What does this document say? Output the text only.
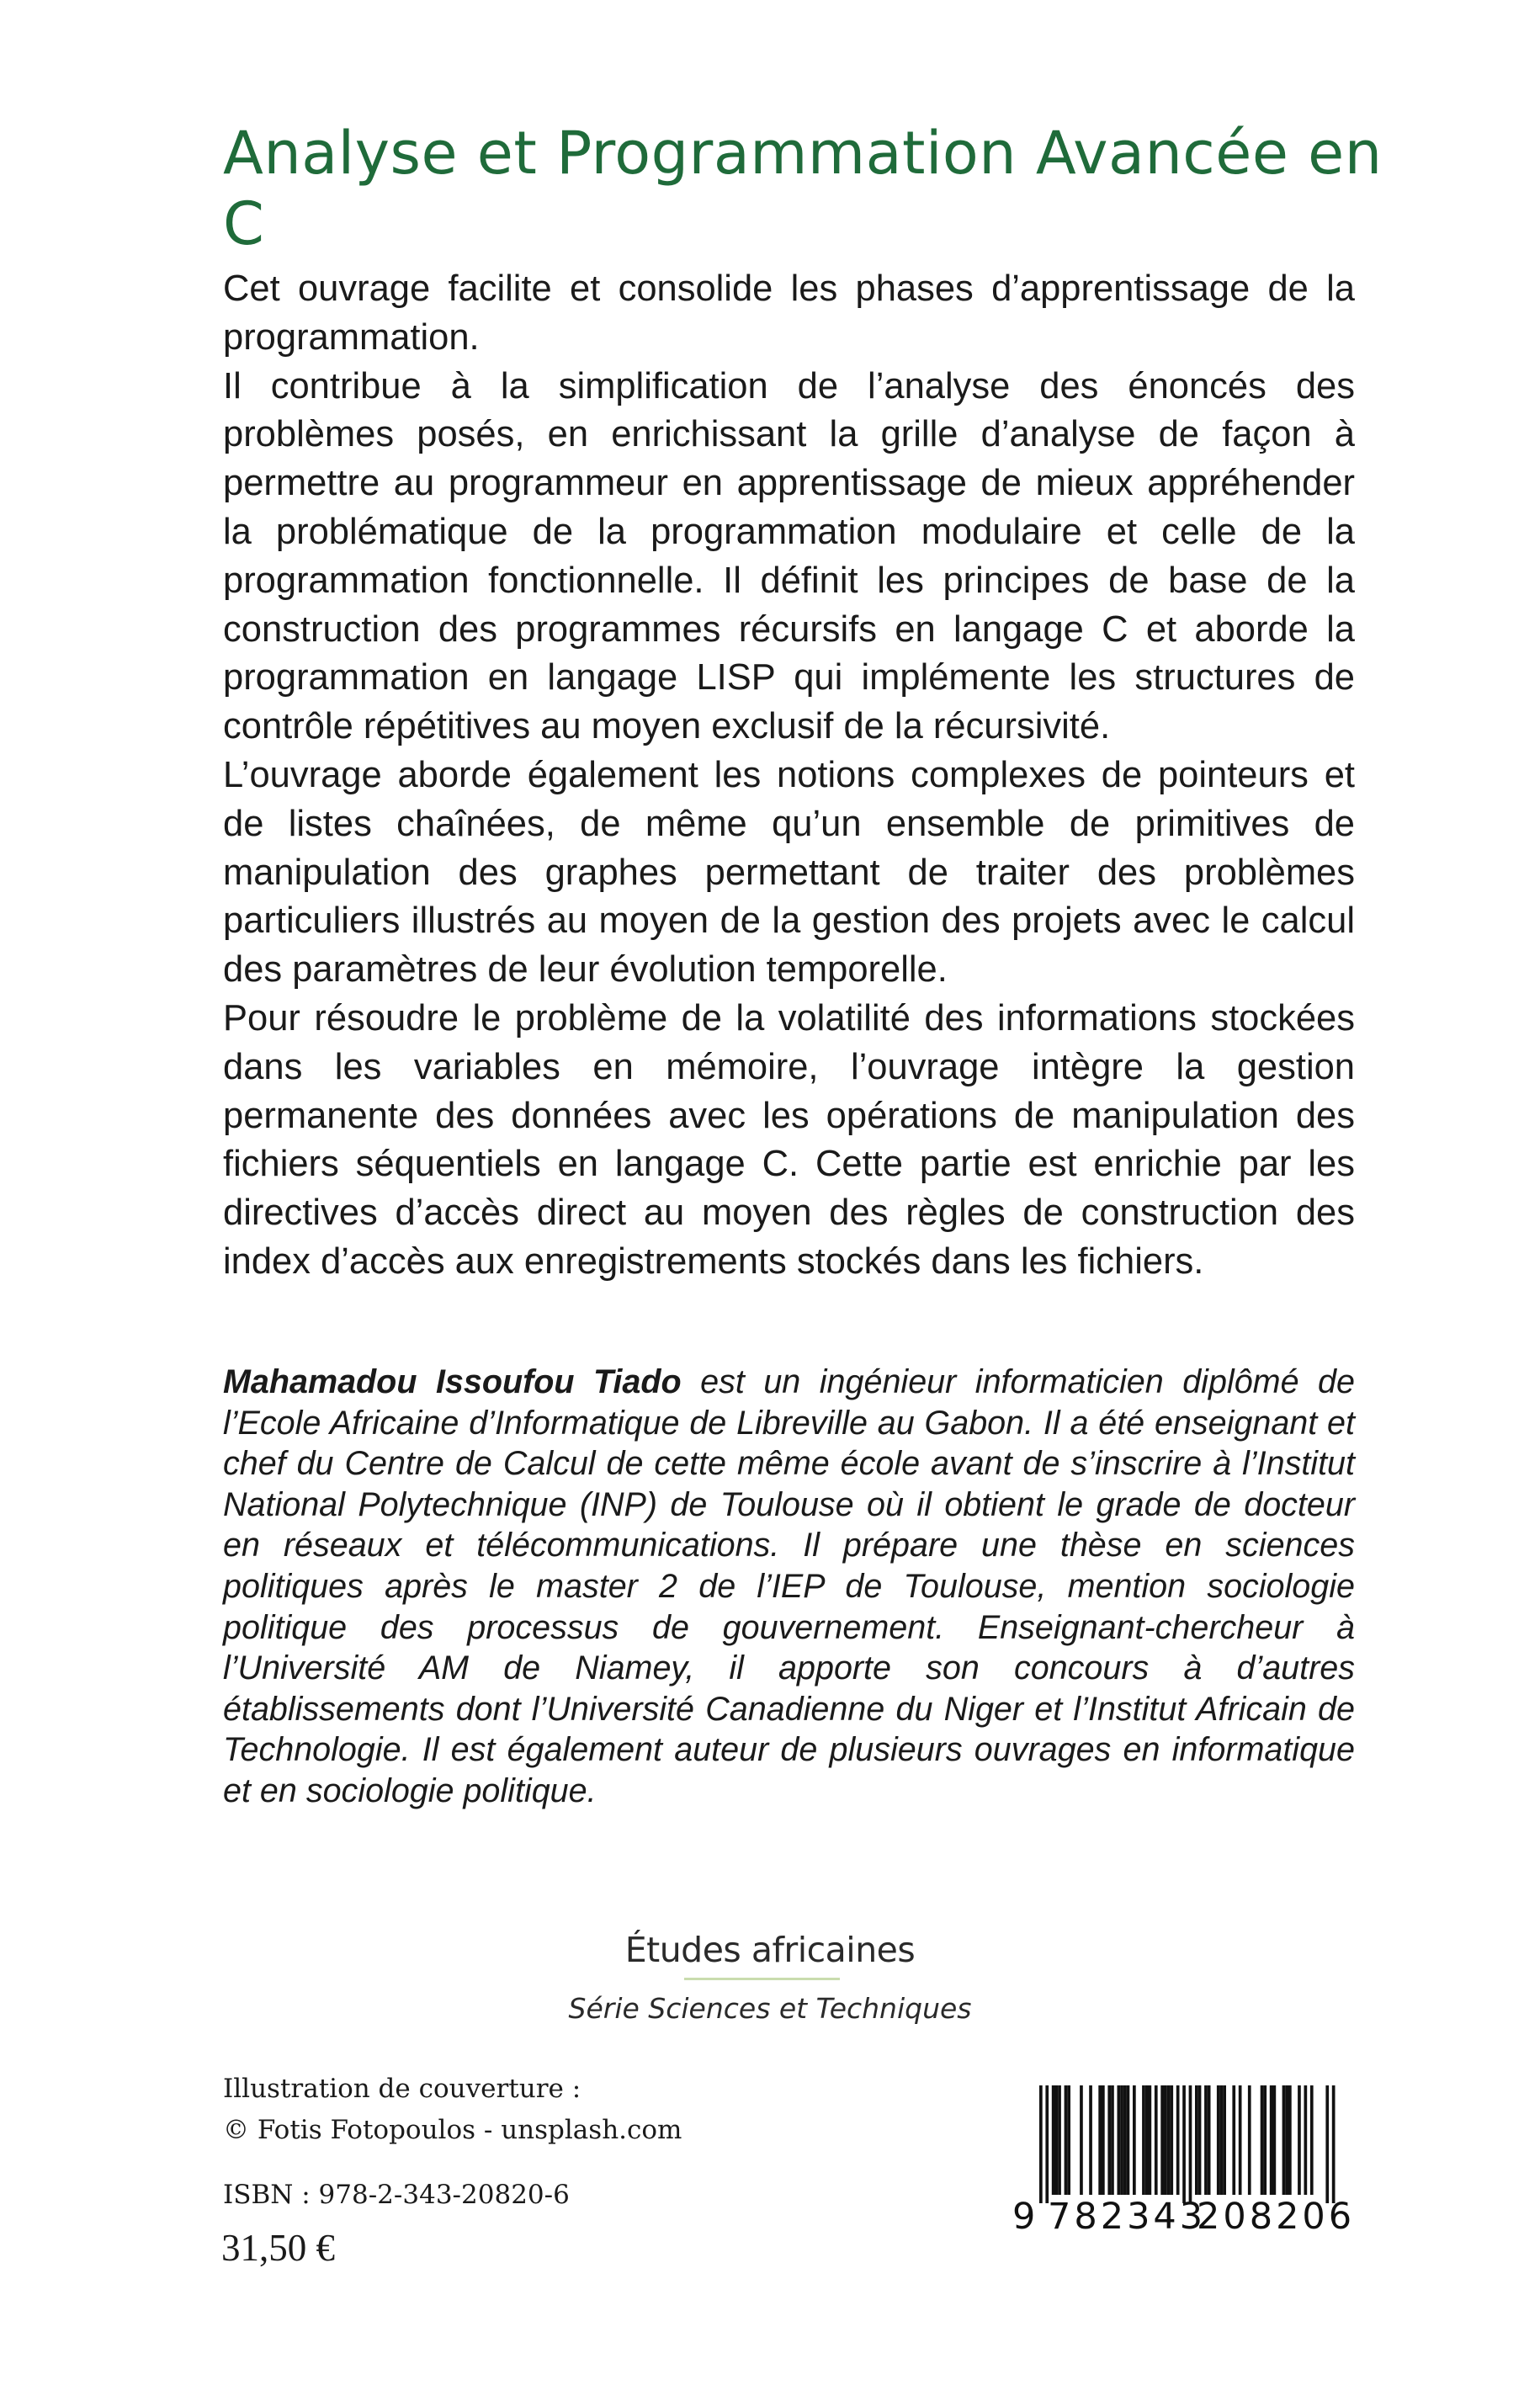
Analyse et Programmation Avancée en C

Cet ouvrage facilite et consolide les phases d’apprentissage de la programmation.

Il contribue à la simplification de l’analyse des énoncés des problèmes posés, en enrichissant la grille d’analyse de façon à permettre au programmeur en apprentissage de mieux appréhender la problématique de la programmation modulaire et celle de la programmation fonctionnelle. Il définit les principes de base de la construction des programmes récursifs en langage C et aborde la programmation en langage LISP qui implémente les structures de contrôle répétitives au moyen exclusif de la récursivité.

L’ouvrage aborde également les notions complexes de pointeurs et de listes chaînées, de même qu’un ensemble de primitives de manipulation des graphes permettant de traiter des problèmes particuliers illustrés au moyen de la gestion des projets avec le calcul des paramètres de leur évolution temporelle.

Pour résoudre le problème de la volatilité des informations stockées dans les variables en mémoire, l’ouvrage intègre la gestion permanente des données avec les opérations de manipulation des fichiers séquentiels en langage C. Cette partie est enrichie par les directives d’accès direct au moyen des règles de construction des index d’accès aux enregistrements stockés dans les fichiers.

Mahamadou Issoufou Tiado est un ingénieur informaticien diplômé de l’Ecole Africaine d’Informatique de Libreville au Gabon. Il a été enseignant et chef du Centre de Calcul de cette même école avant de s’inscrire à l’Institut National Polytechnique (INP) de Toulouse où il obtient le grade de docteur en réseaux et télécommunications. Il prépare une thèse en sciences politiques après le master 2 de l’IEP de Toulouse, mention sociologie politique des processus de gouvernement. Enseignant-chercheur à l’Université AM de Niamey, il apporte son concours à d’autres établissements dont l’Université Canadienne du Niger et l’Institut Africain de Technologie. Il est également auteur de plusieurs ouvrages en informatique et en sociologie politique.

Études africaines
Série Sciences et Techniques
Illustration de couverture :
© Fotis Fotopoulos - unsplash.com
ISBN : 978-2-343-20820-6
31,50 €
9 782343
208206
